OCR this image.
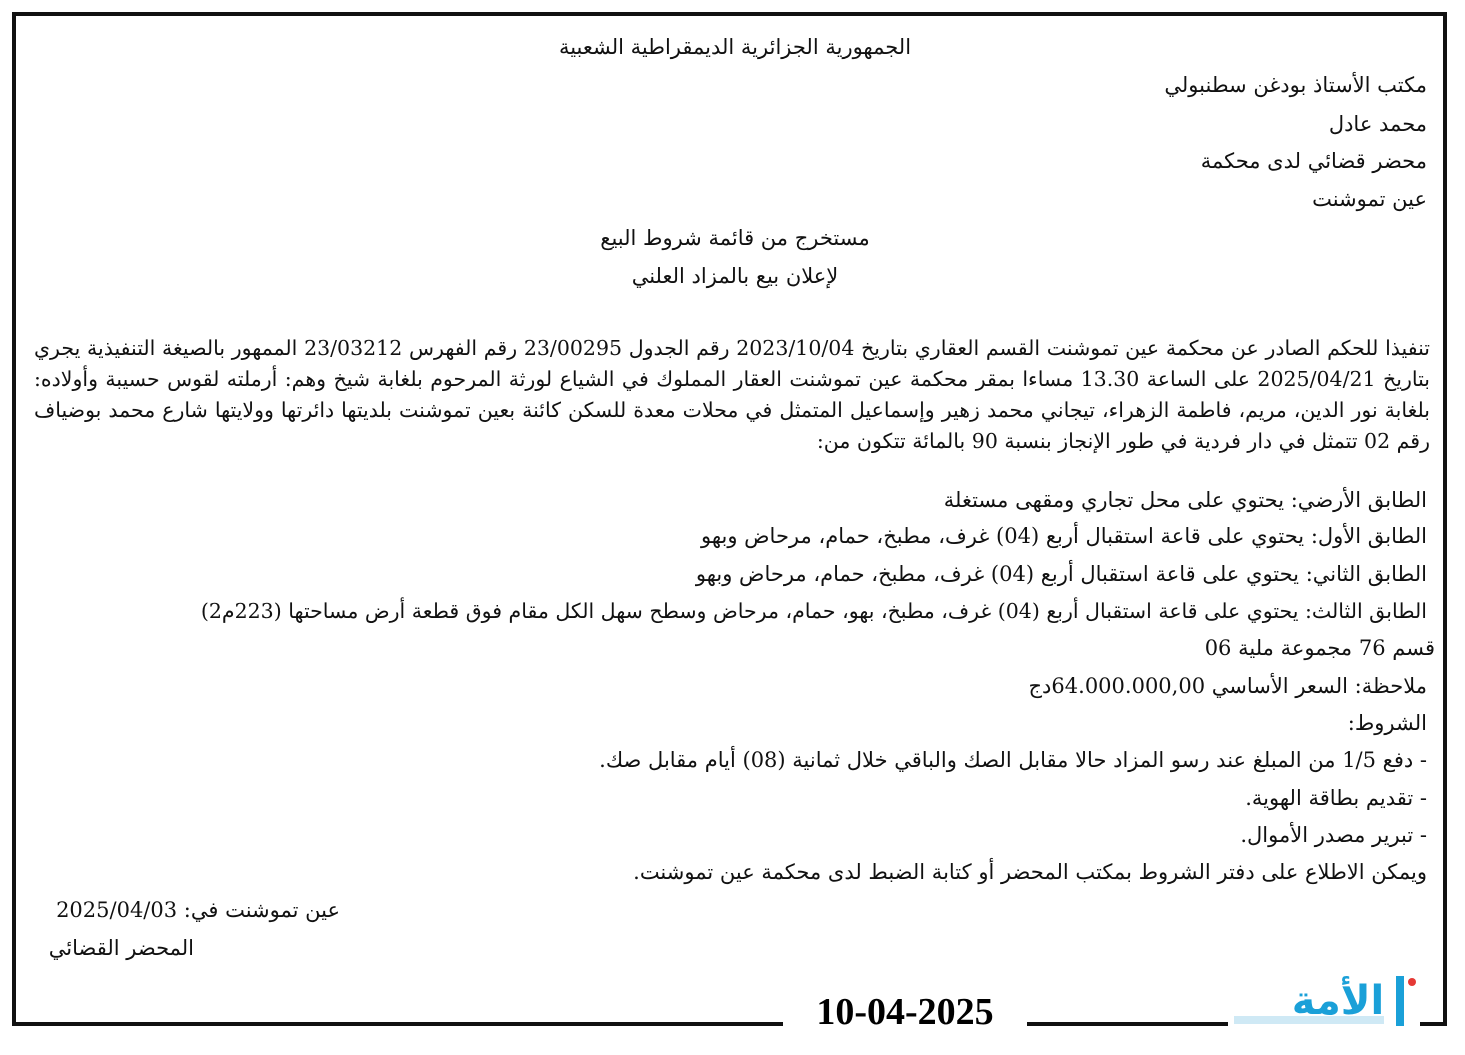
الجمهورية الجزائرية الديمقراطية الشعبية
مكتب الأستاذ بودغن سطنبولي
محمد عادل
محضر قضائي لدى محكمة
عين تموشنت
مستخرج من قائمة شروط البيع
لإعلان بيع بالمزاد العلني
تنفيذا للحكم الصادر عن محكمة عين تموشنت القسم العقاري بتاريخ 2023/10/04 رقم الجدول 23/00295 رقم الفهرس 23/03212 الممهور بالصيغة التنفيذية يجري بتاريخ 2025/04/21 على الساعة 13.30 مساءا بمقر محكمة عين تموشنت العقار المملوك في الشياع لورثة المرحوم بلغابة شيخ وهم: أرملته لقوس حسيبة وأولاده: بلغابة نور الدين، مريم، فاطمة الزهراء، تيجاني محمد زهير وإسماعيل المتمثل في محلات معدة للسكن كائنة بعين تموشنت بلديتها دائرتها وولايتها شارع محمد بوضياف رقم 02 تتمثل في دار فردية في طور الإنجاز بنسبة 90 بالمائة تتكون من:
الطابق الأرضي: يحتوي على محل تجاري ومقهى مستغلة
الطابق الأول: يحتوي على قاعة استقبال أربع (04) غرف، مطبخ، حمام، مرحاض وبهو
الطابق الثاني: يحتوي على قاعة استقبال أربع (04) غرف، مطبخ، حمام، مرحاض وبهو
الطابق الثالث: يحتوي على قاعة استقبال أربع (04) غرف، مطبخ، بهو، حمام، مرحاض وسطح سهل الكل مقام فوق قطعة أرض مساحتها (223م2)
قسم 76 مجموعة ملية 06
ملاحظة: السعر الأساسي 64.000.000,00دج
الشروط:
- دفع 1/5 من المبلغ عند رسو المزاد حالا مقابل الصك والباقي خلال ثمانية (08) أيام مقابل صك.
- تقديم بطاقة الهوية.
- تبرير مصدر الأموال.
ويمكن الاطلاع على دفتر الشروط بمكتب المحضر أو كتابة الضبط لدى محكمة عين تموشنت.
عين تموشنت في: 2025/04/03
المحضر القضائي
10-04-2025	الأمة
